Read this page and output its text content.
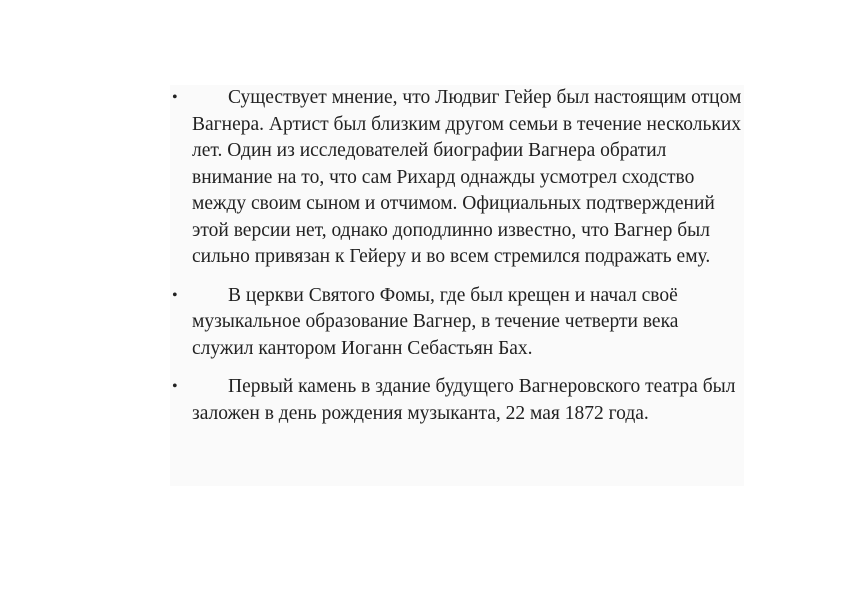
•	Существует мнение, что Людвиг Гейер был настоящим отцом Вагнера. Артист был близким другом семьи в течение нескольких лет. Один из исследователей биографии Вагнера обратил внимание на то, что сам Рихард однажды усмотрел сходство между своим сыном и отчимом. Официальных подтверждений этой версии нет, однако доподлинно известно, что Вагнер был сильно привязан к Гейеру и во всем стремился подражать ему.
•	В церкви Святого Фомы, где был крещен и начал своё музыкальное образование Вагнер, в течение четверти века служил кантором Иоганн Себастьян Бах.
•	Первый камень в здание будущего Вагнеровского театра был заложен в день рождения музыканта, 22 мая 1872 года.
